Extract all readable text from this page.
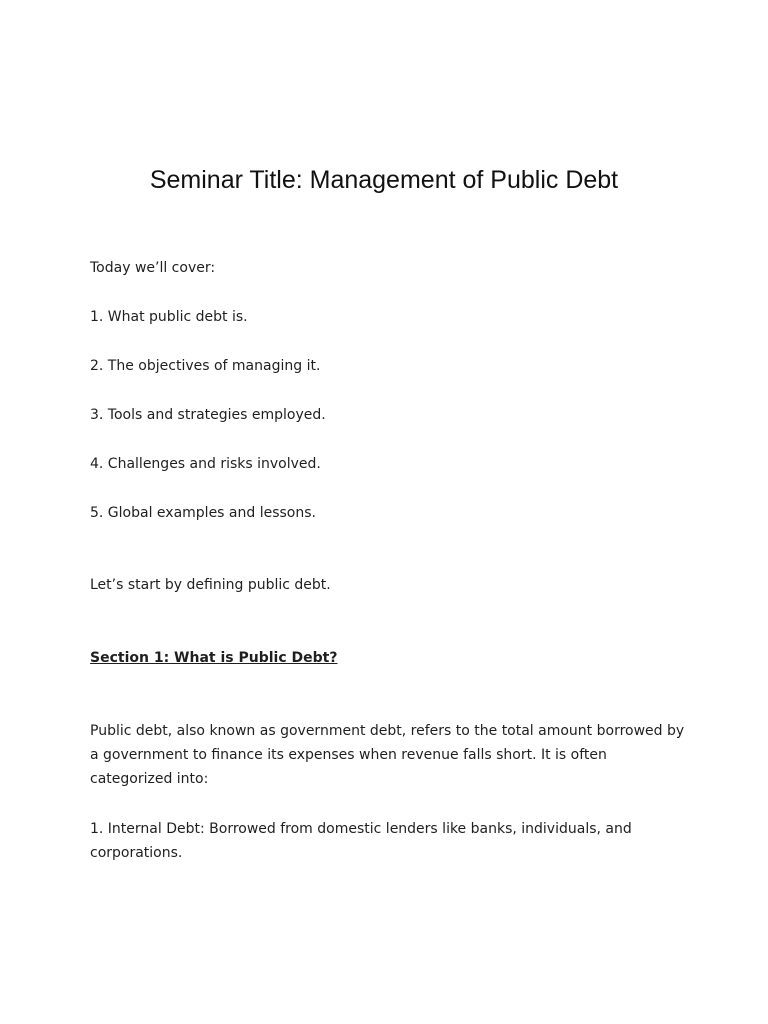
Seminar Title: Management of Public Debt

Today we’ll cover:

1. What public debt is.

2. The objectives of managing it.

3. Tools and strategies employed.

4. Challenges and risks involved.

5. Global examples and lessons.

Let’s start by defining public debt.

Section 1: What is Public Debt?

Public debt, also known as government debt, refers to the total amount borrowed by a government to finance its expenses when revenue falls short. It is often categorized into:

1. Internal Debt: Borrowed from domestic lenders like banks, individuals, and corporations.
